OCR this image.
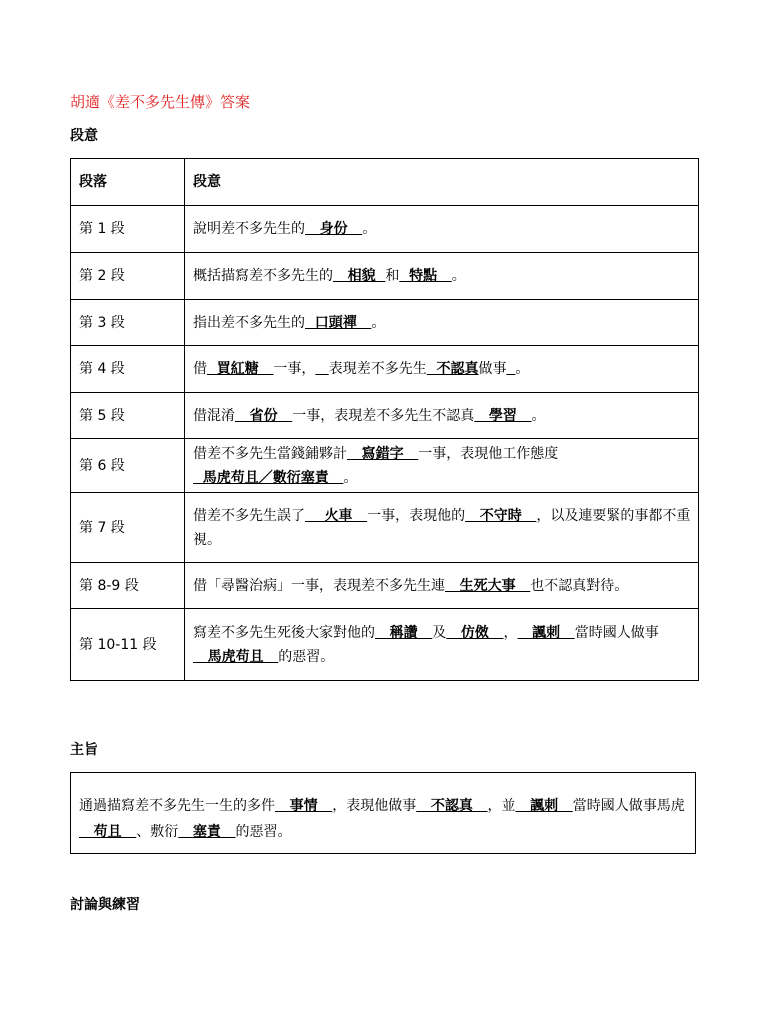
胡適《差不多先生傳》答案
段意
段落	段意
第 1 段	說明差不多先生的   身份   。
第 2 段	概括描寫差不多先生的   相貌  和  特點   。
第 3 段	指出差不多先生的  口頭禪   。
第 4 段	借  買紅糖   一事， 表現差不多先生  不認真做事 。
第 5 段	借混淆   省份   一事，表現差不多先生不認真   學習   。
第 6 段	借差不多先生當錢鋪夥計   寫錯字   一事，表現他工作態度  馬虎苟且／數衍塞責   。
第 7 段	借差不多先生誤了    火車   一事，表現他的   不守時   ，以及連要緊的事都不重視。
第 8-9 段	借「尋醫治病」一事，表現差不多先生連   生死大事   也不認真對待。
第 10-11 段	寫差不多先生死後大家對他的   稱讚   及   仿傚   ，   諷刺   當時國人做事   馬虎苟且   的惡習。
主旨
通過描寫差不多先生一生的多件   事情   ，表現他做事   不認真   ，並   諷刺   當時國人做事馬虎   苟且   、敷衍   塞責   的惡習。
討論與練習
